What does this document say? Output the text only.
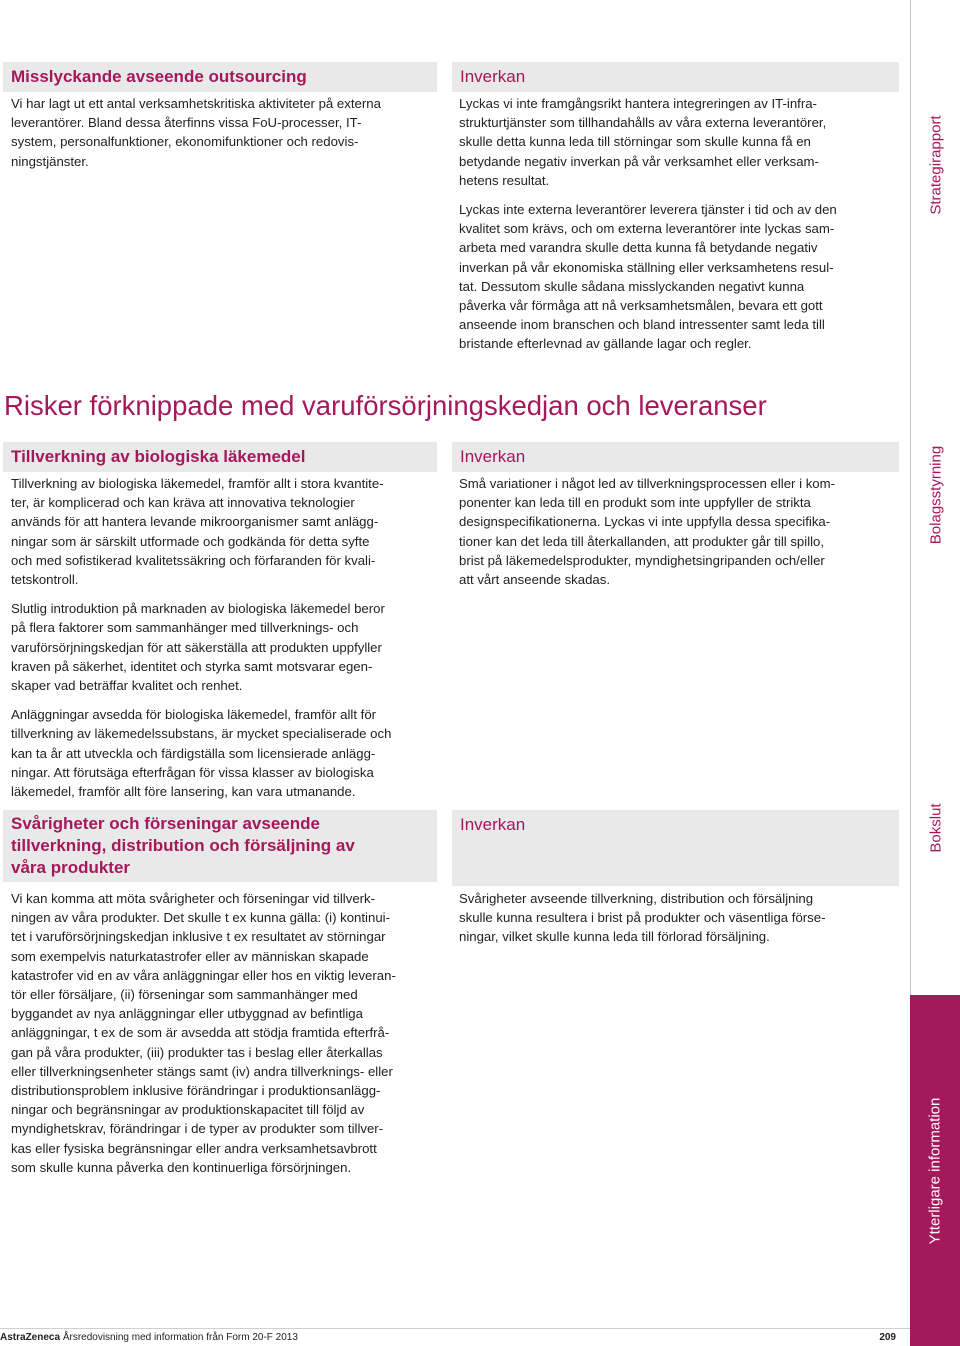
Misslyckande avseende outsourcing

Vi har lagt ut ett antal verksamhetskritiska aktiviteter på externa
leverantörer. Bland dessa återfinns vissa FoU-processer, IT-
system, personalfunktioner, ekonomifunktioner och redovis-
ningstjänster.

Inverkan

Lyckas vi inte framgångsrikt hantera integreringen av IT-infra-
strukturtjänster som tillhandahålls av våra externa leverantörer,
skulle detta kunna leda till störningar som skulle kunna få en
betydande negativ inverkan på vår verksamhet eller verksam-
hetens resultat.

Lyckas inte externa leverantörer leverera tjänster i tid och av den
kvalitet som krävs, och om externa leverantörer inte lyckas sam-
arbeta med varandra skulle detta kunna få betydande negativ
inverkan på vår ekonomiska ställning eller verksamhetens resul-
tat. Dessutom skulle sådana misslyckanden negativt kunna
påverka vår förmåga att nå verksamhetsmålen, bevara ett gott
anseende inom branschen och bland intressenter samt leda till
bristande efterlevnad av gällande lagar och regler.

Risker förknippade med varuförsörjningskedjan och leveranser
Tillverkning av biologiska läkemedel

Tillverkning av biologiska läkemedel, framför allt i stora kvantite-
ter, är komplicerad och kan kräva att innovativa teknologier
används för att hantera levande mikroorganismer samt anlägg-
ningar som är särskilt utformade och godkända för detta syfte
och med sofistikerad kvalitetssäkring och förfaranden för kvali-
tetskontroll.

Slutlig introduktion på marknaden av biologiska läkemedel beror
på flera faktorer som sammanhänger med tillverknings- och
varuförsörjningskedjan för att säkerställa att produkten uppfyller
kraven på säkerhet, identitet och styrka samt motsvarar egen-
skaper vad beträffar kvalitet och renhet.

Anläggningar avsedda för biologiska läkemedel, framför allt för
tillverkning av läkemedelssubstans, är mycket specialiserade och
kan ta år att utveckla och färdigställa som licensierade anlägg-
ningar. Att förutsäga efterfrågan för vissa klasser av biologiska
läkemedel, framför allt före lansering, kan vara utmanande.

Inverkan

Små variationer i något led av tillverkningsprocessen eller i kom-
ponenter kan leda till en produkt som inte uppfyller de strikta
designspecifikationerna. Lyckas vi inte uppfylla dessa specifika-
tioner kan det leda till återkallanden, att produkter går till spillo,
brist på läkemedelsprodukter, myndighetsingripanden och/eller
att vårt anseende skadas.

Svårigheter och förseningar avseende
tillverkning, distribution och försäljning av
våra produkter

Vi kan komma att möta svårigheter och förseningar vid tillverk-
ningen av våra produkter. Det skulle t ex kunna gälla: (i) kontinui-
tet i varuförsörjningskedjan inklusive t ex resultatet av störningar
som exempelvis naturkatastrofer eller av människan skapade
katastrofer vid en av våra anläggningar eller hos en viktig leveran-
tör eller försäljare, (ii) förseningar som sammanhänger med
byggandet av nya anläggningar eller utbyggnad av befintliga
anläggningar, t ex de som är avsedda att stödja framtida efterfrå-
gan på våra produkter, (iii) produkter tas i beslag eller återkallas
eller tillverkningsenheter stängs samt (iv) andra tillverknings- eller
distributionsproblem inklusive förändringar i produktionsanlägg-
ningar och begränsningar av produktionskapacitet till följd av
myndighetskrav, förändringar i de typer av produkter som tillver-
kas eller fysiska begränsningar eller andra verksamhetsavbrott
som skulle kunna påverka den kontinuerliga försörjningen.

Inverkan

Svårigheter avseende tillverkning, distribution och försäljning
skulle kunna resultera i brist på produkter och väsentliga förse-
ningar, vilket skulle kunna leda till förlorad försäljning.

Strategirapport
Bolagsstyrning
Bokslut
Ytterligare information
AstraZeneca Årsredovisning med information från Form 20-F 2013	209
